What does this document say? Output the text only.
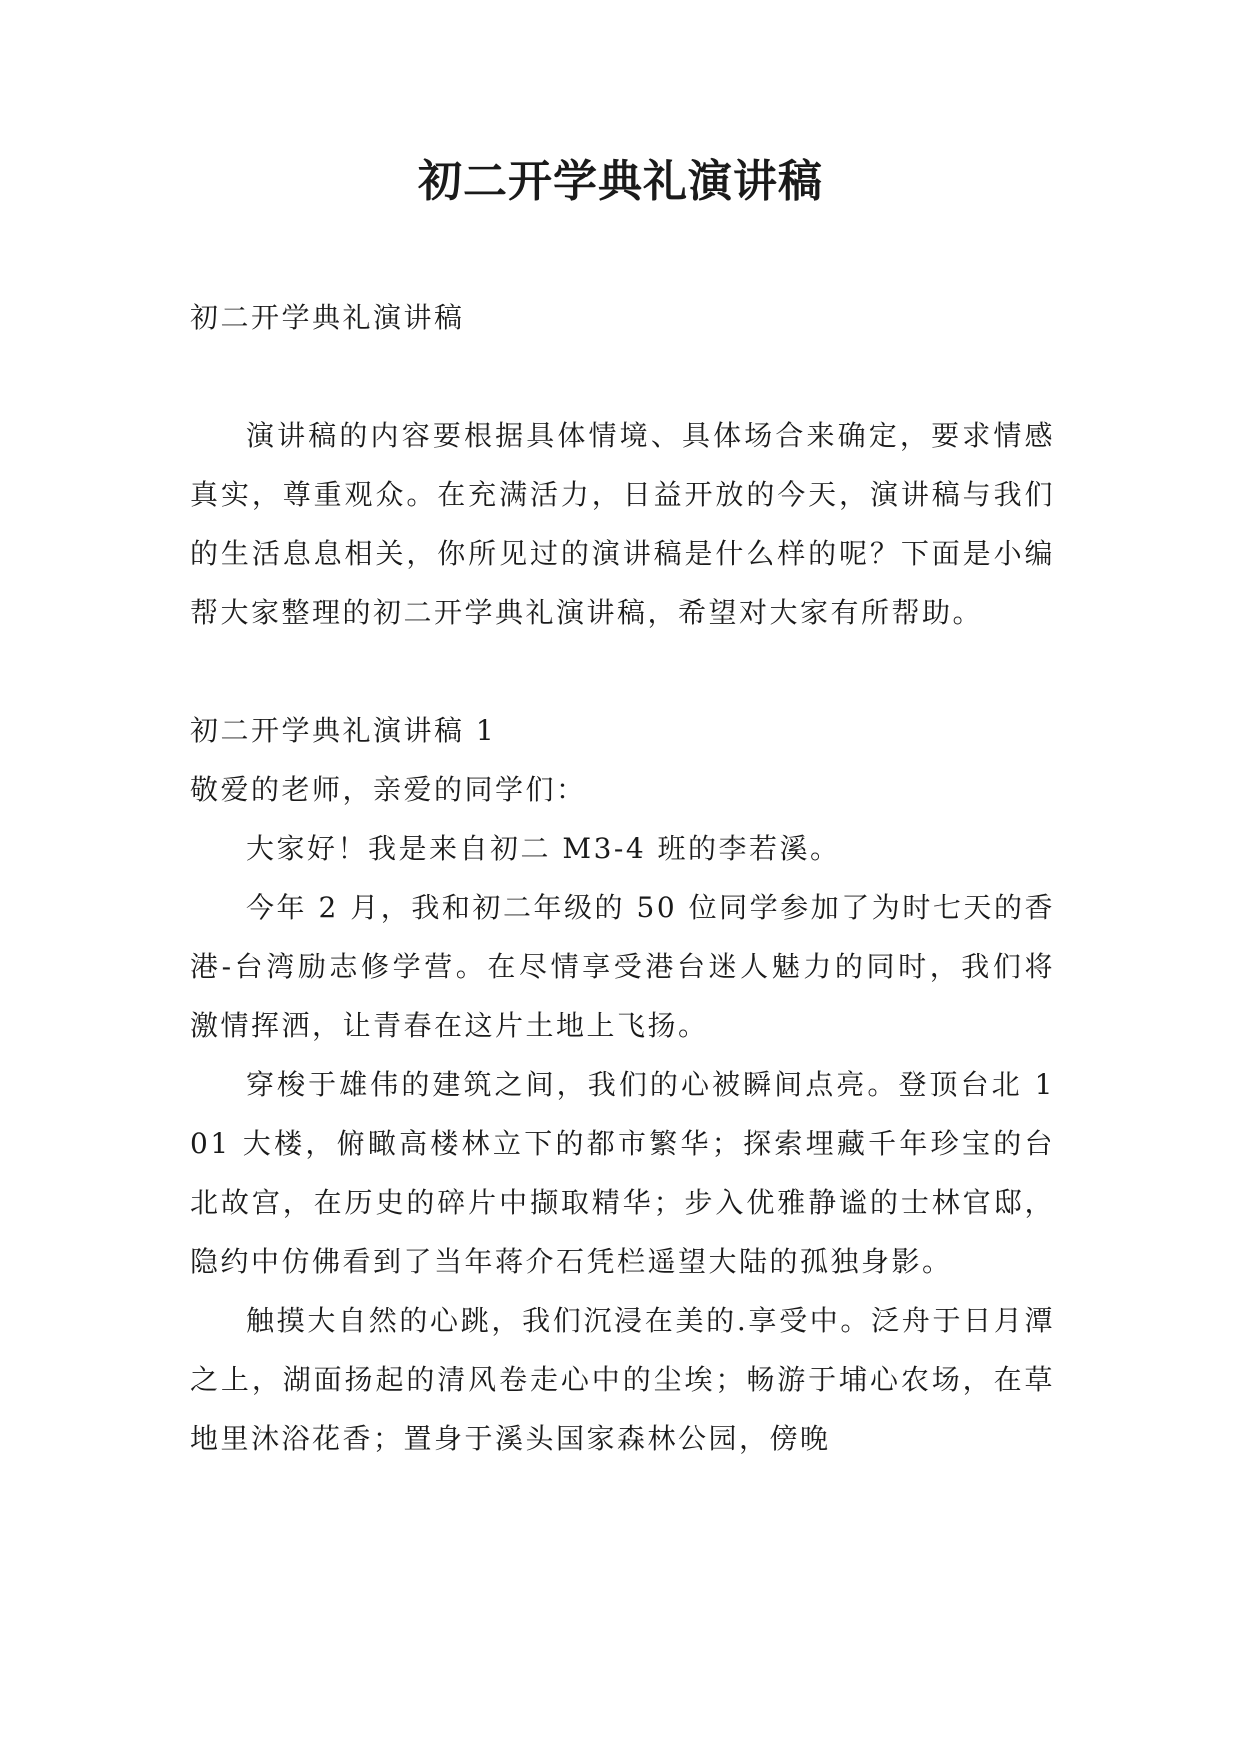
初二开学典礼演讲稿

初二开学典礼演讲稿

演讲稿的内容要根据具体情境、具体场合来确定，要求情感真实，尊重观众。在充满活力，日益开放的今天，演讲稿与我们的生活息息相关，你所见过的演讲稿是什么样的呢？下面是小编帮大家整理的初二开学典礼演讲稿，希望对大家有所帮助。

初二开学典礼演讲稿 1

敬爱的老师，亲爱的同学们：

大家好！我是来自初二 M3-4 班的李若溪。

今年 2 月，我和初二年级的 50 位同学参加了为时七天的香港-台湾励志修学营。在尽情享受港台迷人魅力的同时，我们将激情挥洒，让青春在这片土地上飞扬。

穿梭于雄伟的建筑之间，我们的心被瞬间点亮。登顶台北 101 大楼，俯瞰高楼林立下的都市繁华；探索埋藏千年珍宝的台北故宫，在历史的碎片中撷取精华；步入优雅静谧的士林官邸，隐约中仿佛看到了当年蒋介石凭栏遥望大陆的孤独身影。

触摸大自然的心跳，我们沉浸在美的.享受中。泛舟于日月潭之上，湖面扬起的清风卷走心中的尘埃；畅游于埔心农场，在草地里沐浴花香；置身于溪头国家森林公园，傍晚
